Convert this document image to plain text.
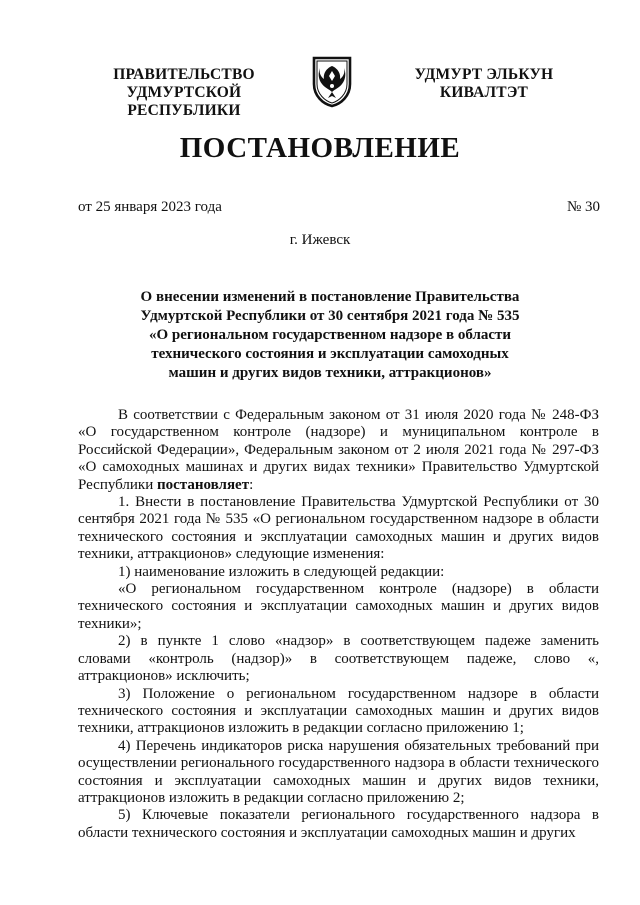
ПРАВИТЕЛЬСТВО
УДМУРТСКОЙ РЕСПУБЛИКИ
УДМУРТ ЭЛЬКУН
КИВАЛТЭТ
ПОСТАНОВЛЕНИЕ
от 25 января 2023 года	№ 30
г. Ижевск
О внесении изменений в постановление Правительства
Удмуртской Республики от 30 сентября 2021 года № 535
«О региональном государственном надзоре в области
технического состояния и эксплуатации самоходных
машин и других видов техники, аттракционов»

В соответствии с Федеральным законом от 31 июля 2020 года № 248-ФЗ «О государственном контроле (надзоре) и муниципальном контроле в Российской Федерации», Федеральным законом от 2 июля 2021 года № 297-ФЗ «О самоходных машинах и других видах техники» Правительство Удмуртской Республики постановляет:

1. Внести в постановление Правительства Удмуртской Республики от 30 сентября 2021 года № 535 «О региональном государственном надзоре в области технического состояния и эксплуатации самоходных машин и других видов техники, аттракционов» следующие изменения:

1) наименование изложить в следующей редакции:

«О региональном государственном контроле (надзоре) в области технического состояния и эксплуатации самоходных машин и других видов техники»;

2) в пункте 1 слово «надзор» в соответствующем падеже заменить словами «контроль (надзор)» в соответствующем падеже, слово «, аттракционов» исключить;

3) Положение о региональном государственном надзоре в области технического состояния и эксплуатации самоходных машин и других видов техники, аттракционов изложить в редакции согласно приложению 1;

4) Перечень индикаторов риска нарушения обязательных требований при осуществлении регионального государственного надзора в области технического состояния и эксплуатации самоходных машин и других видов техники, аттракционов изложить в редакции согласно приложению 2;

5) Ключевые показатели регионального государственного надзора в области технического состояния и эксплуатации самоходных машин и других
